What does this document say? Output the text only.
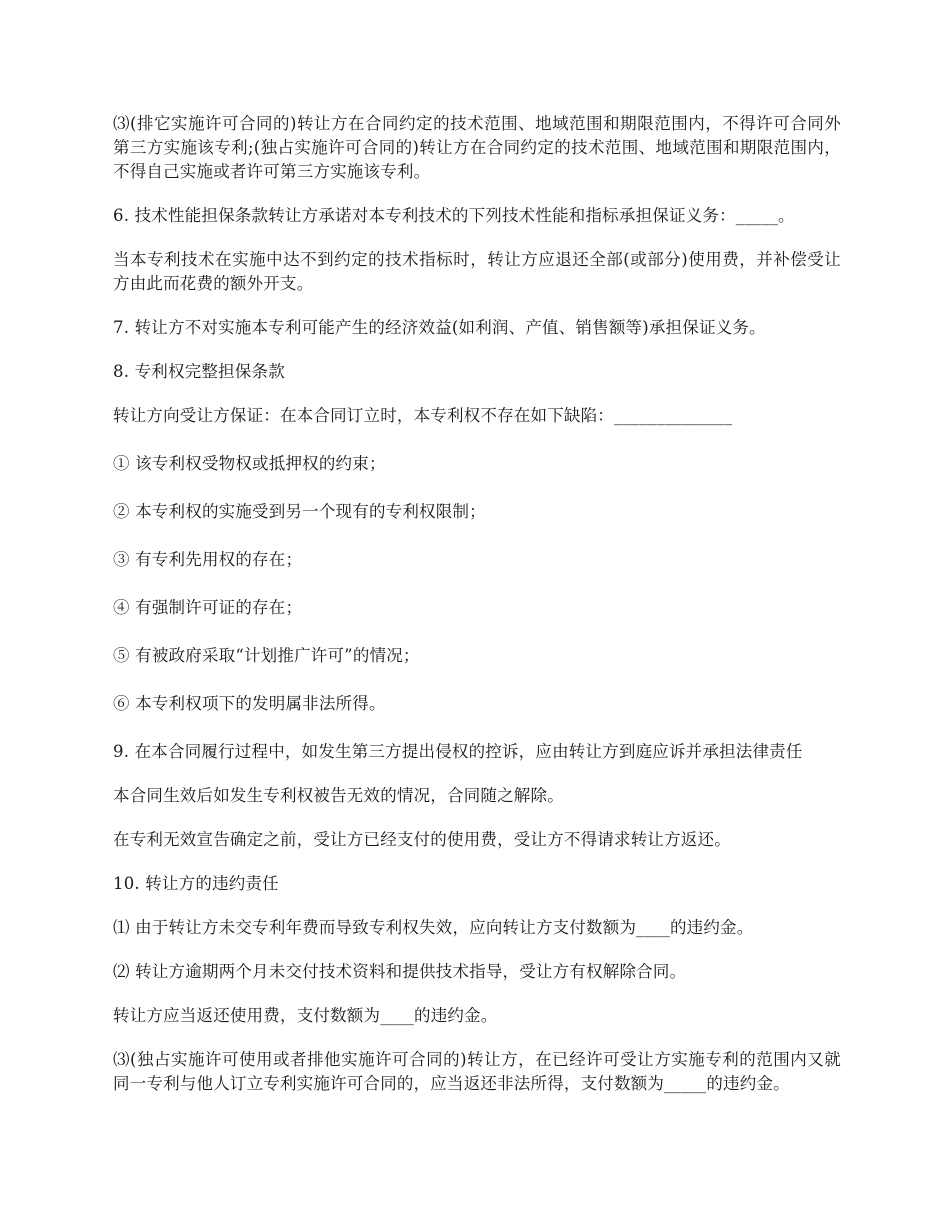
⑶(排它实施许可合同的)转让方在合同约定的技术范围、地域范围和期限范围内，不得许可合同外第三方实施该专利;(独占实施许可合同的)转让方在合同约定的技术范围、地域范围和期限范围内，不得自己实施或者许可第三方实施该专利。

6. 技术性能担保条款转让方承诺对本专利技术的下列技术性能和指标承担保证义务：_____。

当本专利技术在实施中达不到约定的技术指标时，转让方应退还全部(或部分)使用费，并补偿受让方由此而花费的额外开支。

7. 转让方不对实施本专利可能产生的经济效益(如利润、产值、销售额等)承担保证义务。

8. 专利权完整担保条款

转让方向受让方保证：在本合同订立时，本专利权不存在如下缺陷：______________

① 该专利权受物权或抵押权的约束；

② 本专利权的实施受到另一个现有的专利权限制；

③ 有专利先用权的存在；

④ 有强制许可证的存在；

⑤ 有被政府采取“计划推广许可”的情况；

⑥ 本专利权项下的发明属非法所得。

9. 在本合同履行过程中，如发生第三方提出侵权的控诉，应由转让方到庭应诉并承担法律责任

本合同生效后如发生专利权被告无效的情况，合同随之解除。

在专利无效宣告确定之前，受让方已经支付的使用费，受让方不得请求转让方返还。

10. 转让方的违约责任

⑴ 由于转让方未交专利年费而导致专利权失效，应向转让方支付数额为____的违约金。

⑵ 转让方逾期两个月未交付技术资料和提供技术指导，受让方有权解除合同。

转让方应当返还使用费，支付数额为____的违约金。

⑶(独占实施许可使用或者排他实施许可合同的)转让方，在已经许可受让方实施专利的范围内又就同一专利与他人订立专利实施许可合同的，应当返还非法所得，支付数额为_____的违约金。
